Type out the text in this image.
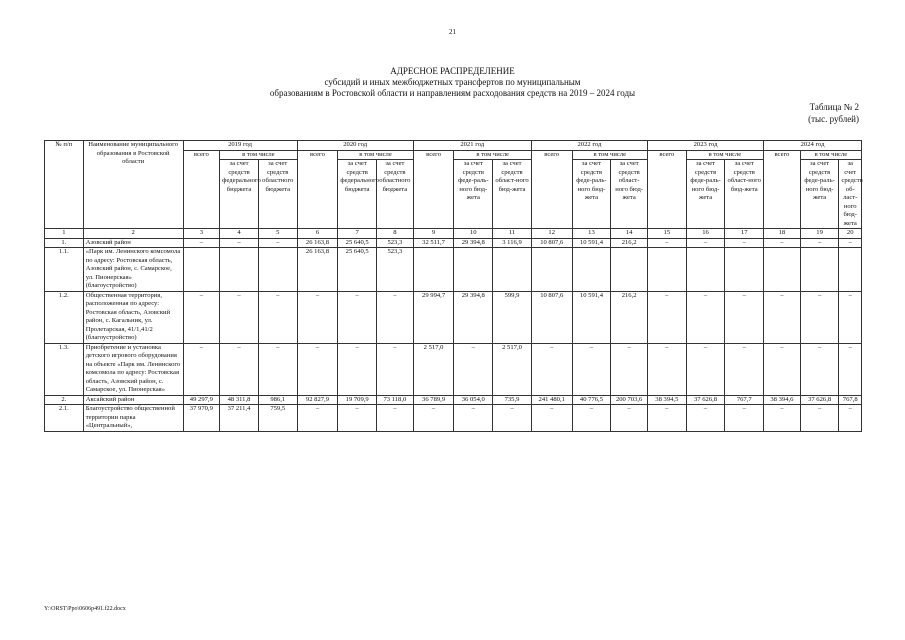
21
АДРЕСНОЕ РАСПРЕДЕЛЕНИЕ
субсидий и иных межбюджетных трансфертов по муниципальным
образованиям в Ростовской области и направлениям расходования средств на 2019 – 2024 годы
Таблица № 2
(тыс. рублей)
№ п/п	Наименование муниципального образования в Ростовской области	2019 год			2020 год			2021 год			2022 год			2023 год			2024 год		
		всего	в том числе		всего	в том числе		всего	в том числе		всего	в том числе		всего	в том числе		всего	в том числе	
			за счет средств федерального бюджета	за счет средств областного бюджета		за счет средств федерального бюджета	за счет средств областного бюджета		за счет средств феде-раль-ного бюд-жета	за счет средств област-ного бюд-жета		за счет средств феде-раль-ного бюд-жета	за счет средств област-ного бюд-жета		за счет средств феде-раль-ного бюд-жета	за счет средств област-ного бюд-жета		за счет средств феде-раль-ного бюд-жета	за счет средств об-ласт-ного бюд-жета
1	2	3	4	5	6	7	8	9	10	11	12	13	14	15	16	17	18	19	20
1.	Азовский район	–	–	–	26 163,8	25 640,5	523,3	32 511,7	29 394,8	3 116,9	10 807,6	10 591,4	216,2	–	–	–	–	–	–
1.1.	«Парк им. Ленинского комсомола по адресу: Ростовская область, Азовский район, с. Самарское, ул. Пионерская» (благоустройство)				26 163,8	25 640,5	523,3												
1.2.	Общественная территория, расположенная по адресу: Ростовская область, Азовский район, с. Кагальник, ул. Пролетарская, 41/1,41/2 (благоустройство)	–	–	–	–	–	–	29 994,7	29 394,8	599,9	10 807,6	10 591,4	216,2	–	–	–	–	–	–
1.3.	Приобретение и установка детского игрового оборудования на объекте «Парк им. Ленинского комсомола по адресу: Ростовская область, Азовский район, с. Самарское, ул. Пионерская»	–	–	–	–	–	–	2 517,0	–	2 517,0	–	–	–	–	–	–	–	–	–
2.	Аксайский район	49 297,9	48 311,8	986,1	92 827,9	19 709,9	73 118,0	36 789,9	36 054,0	735,9	241 480,1	40 776,5	200 703,6	38 394,5	37 626,8	767,7	38 394,6	37 626,8	767,8
2.1.	Благоустройство общественной территории парка «Центральный»,	37 970,9	37 211,4	759,5	–	–	–	–	–	–	–	–	–	–	–	–	–	–	–
Y:\ORST\Ppo\0606p491.f22.docx
